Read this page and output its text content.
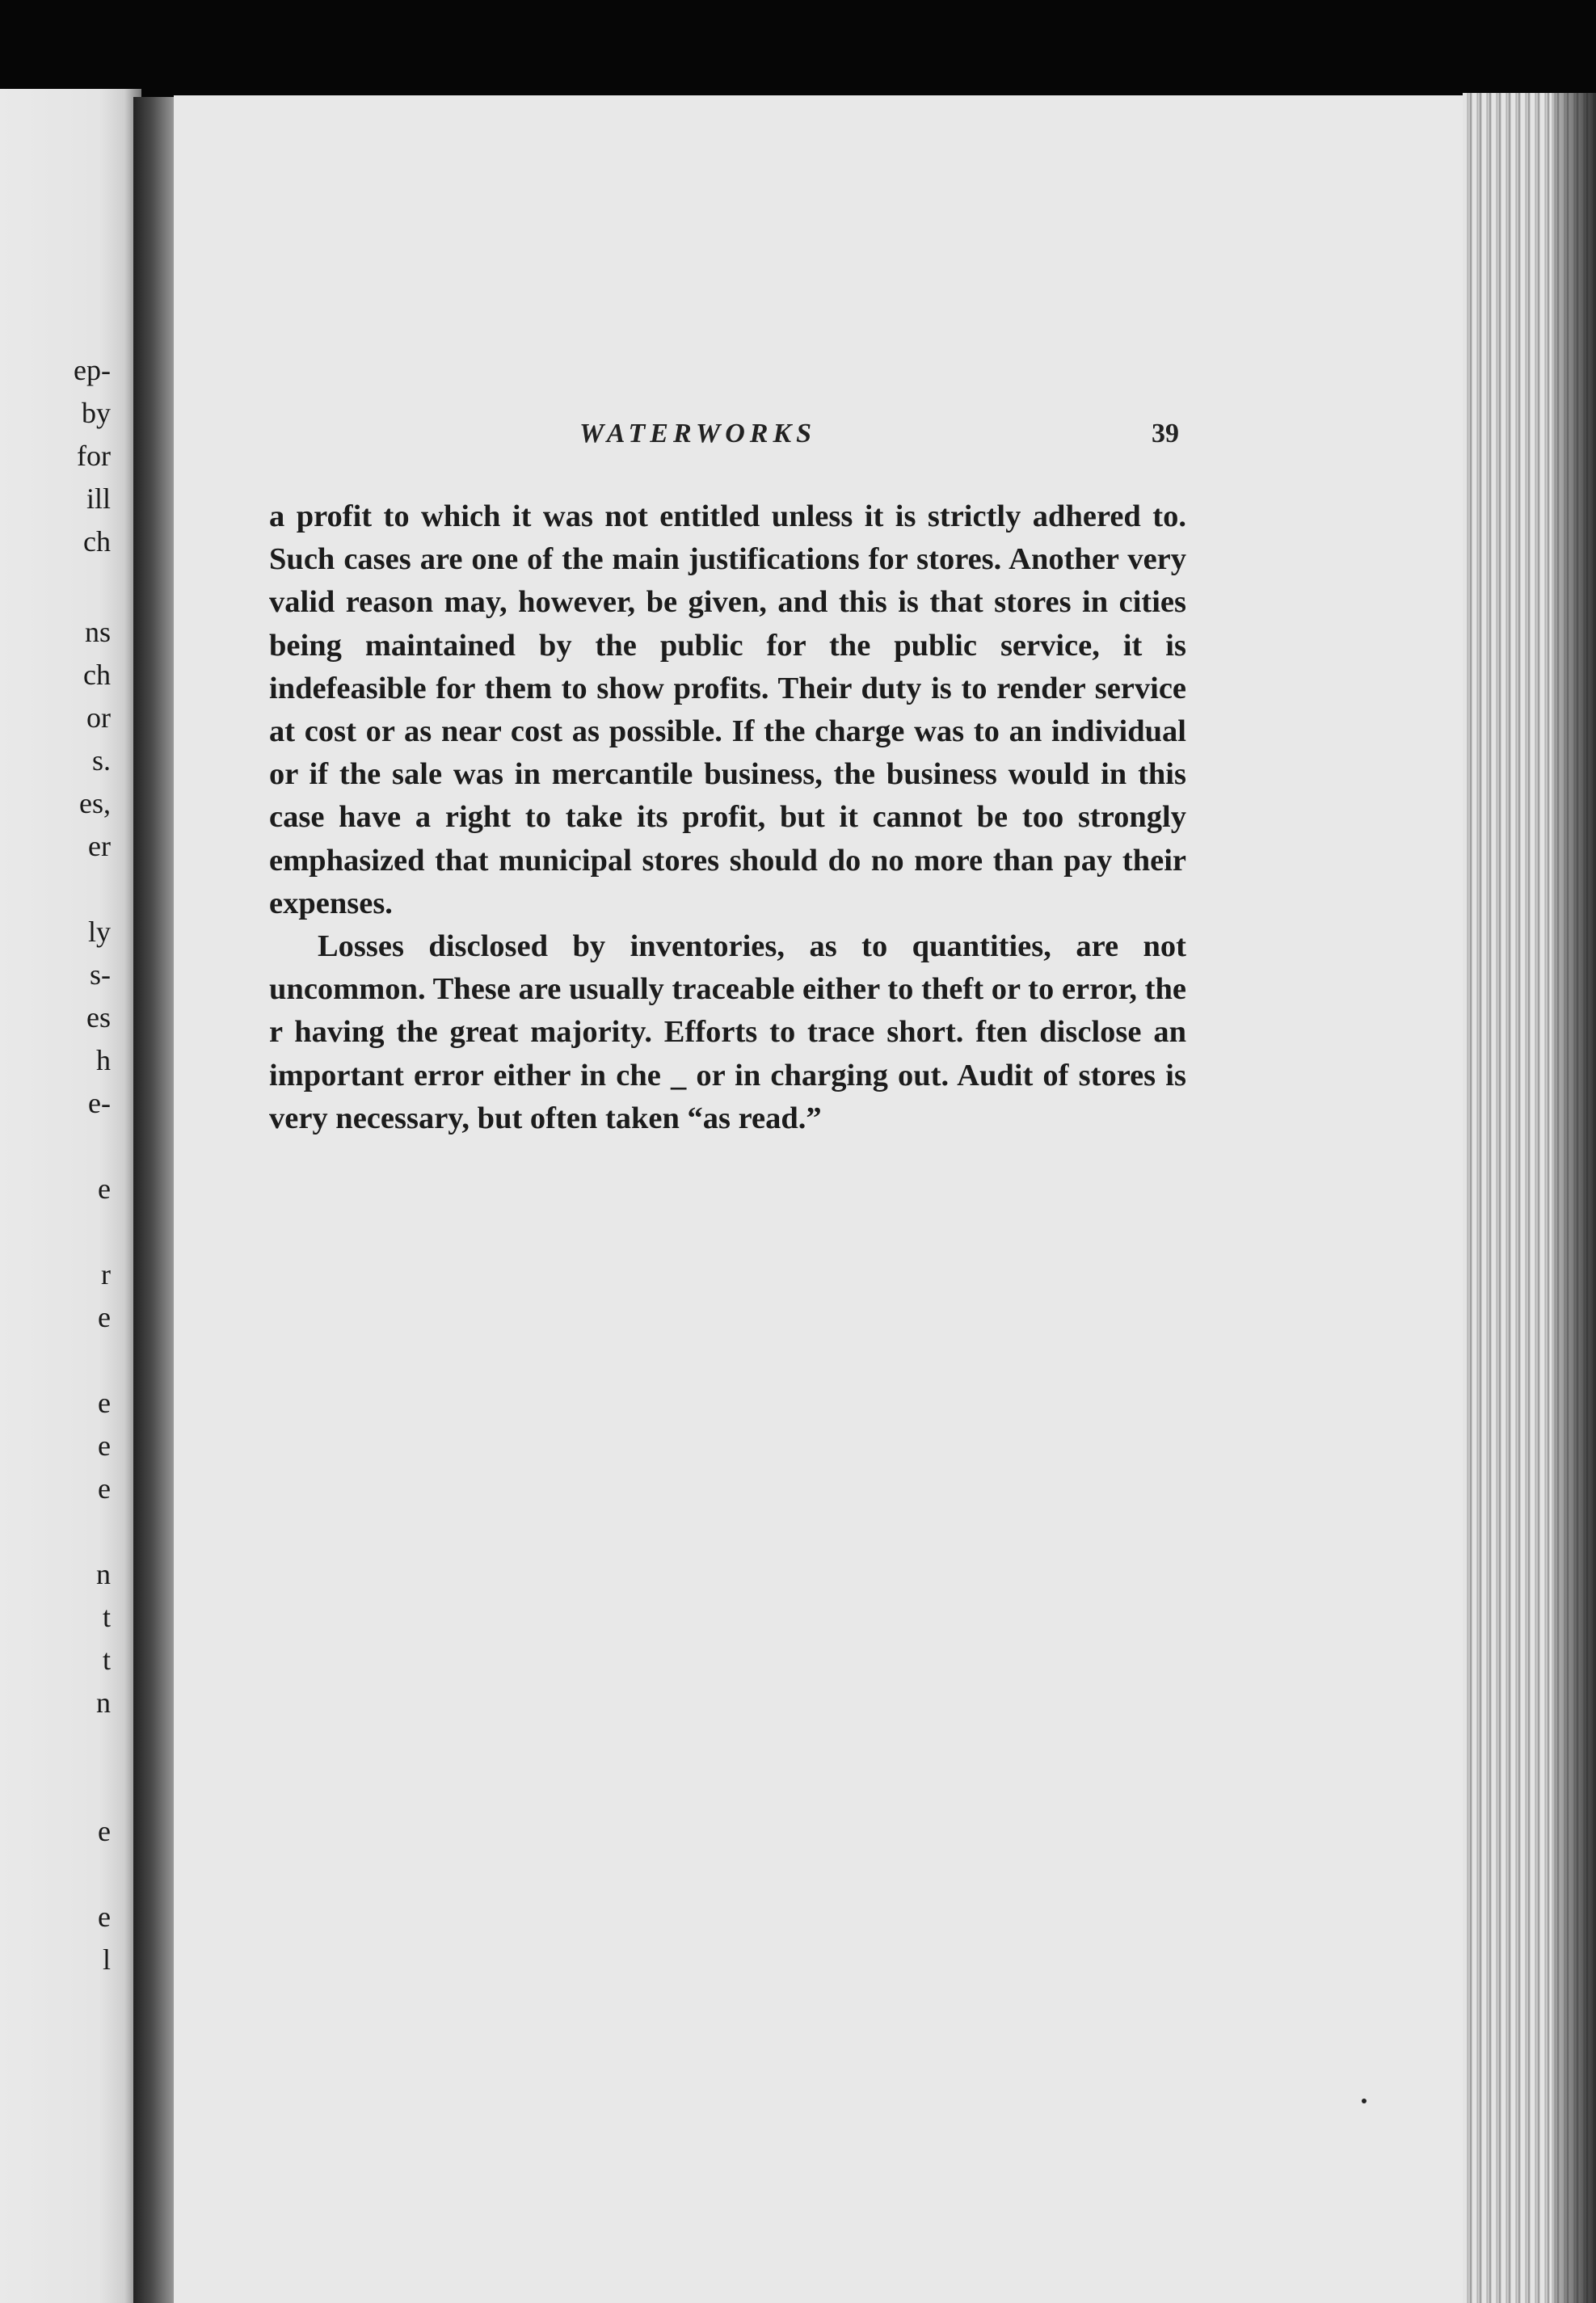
ep-
by
for
ill
ch
ns
ch
or
s.
es,
er
ly
s-
es
h
e-
e
r
e
e
e
e
n
t
t
n
e
e
l
WATERWORKS	39

a profit to which it was not entitled unless it is strictly adhered to. Such cases are one of the main justifications for stores. Another very valid reason may, however, be given, and this is that stores in cities being maintained by the public for the public service, it is indefeasible for them to show profits. Their duty is to render service at cost or as near cost as possible. If the charge was to an individual or if the sale was in mercantile business, the business would in this case have a right to take its profit, but it cannot be too strongly emphasized that municipal stores should do no more than pay their expenses.

Losses disclosed by inventories, as to quantities, are not uncommon. These are usually traceable either to theft or to error, the r having the great majority. Efforts to trace short. ften disclose an important error either in che _ or in charging out. Audit of stores is very necessary, but often taken “as read.”
